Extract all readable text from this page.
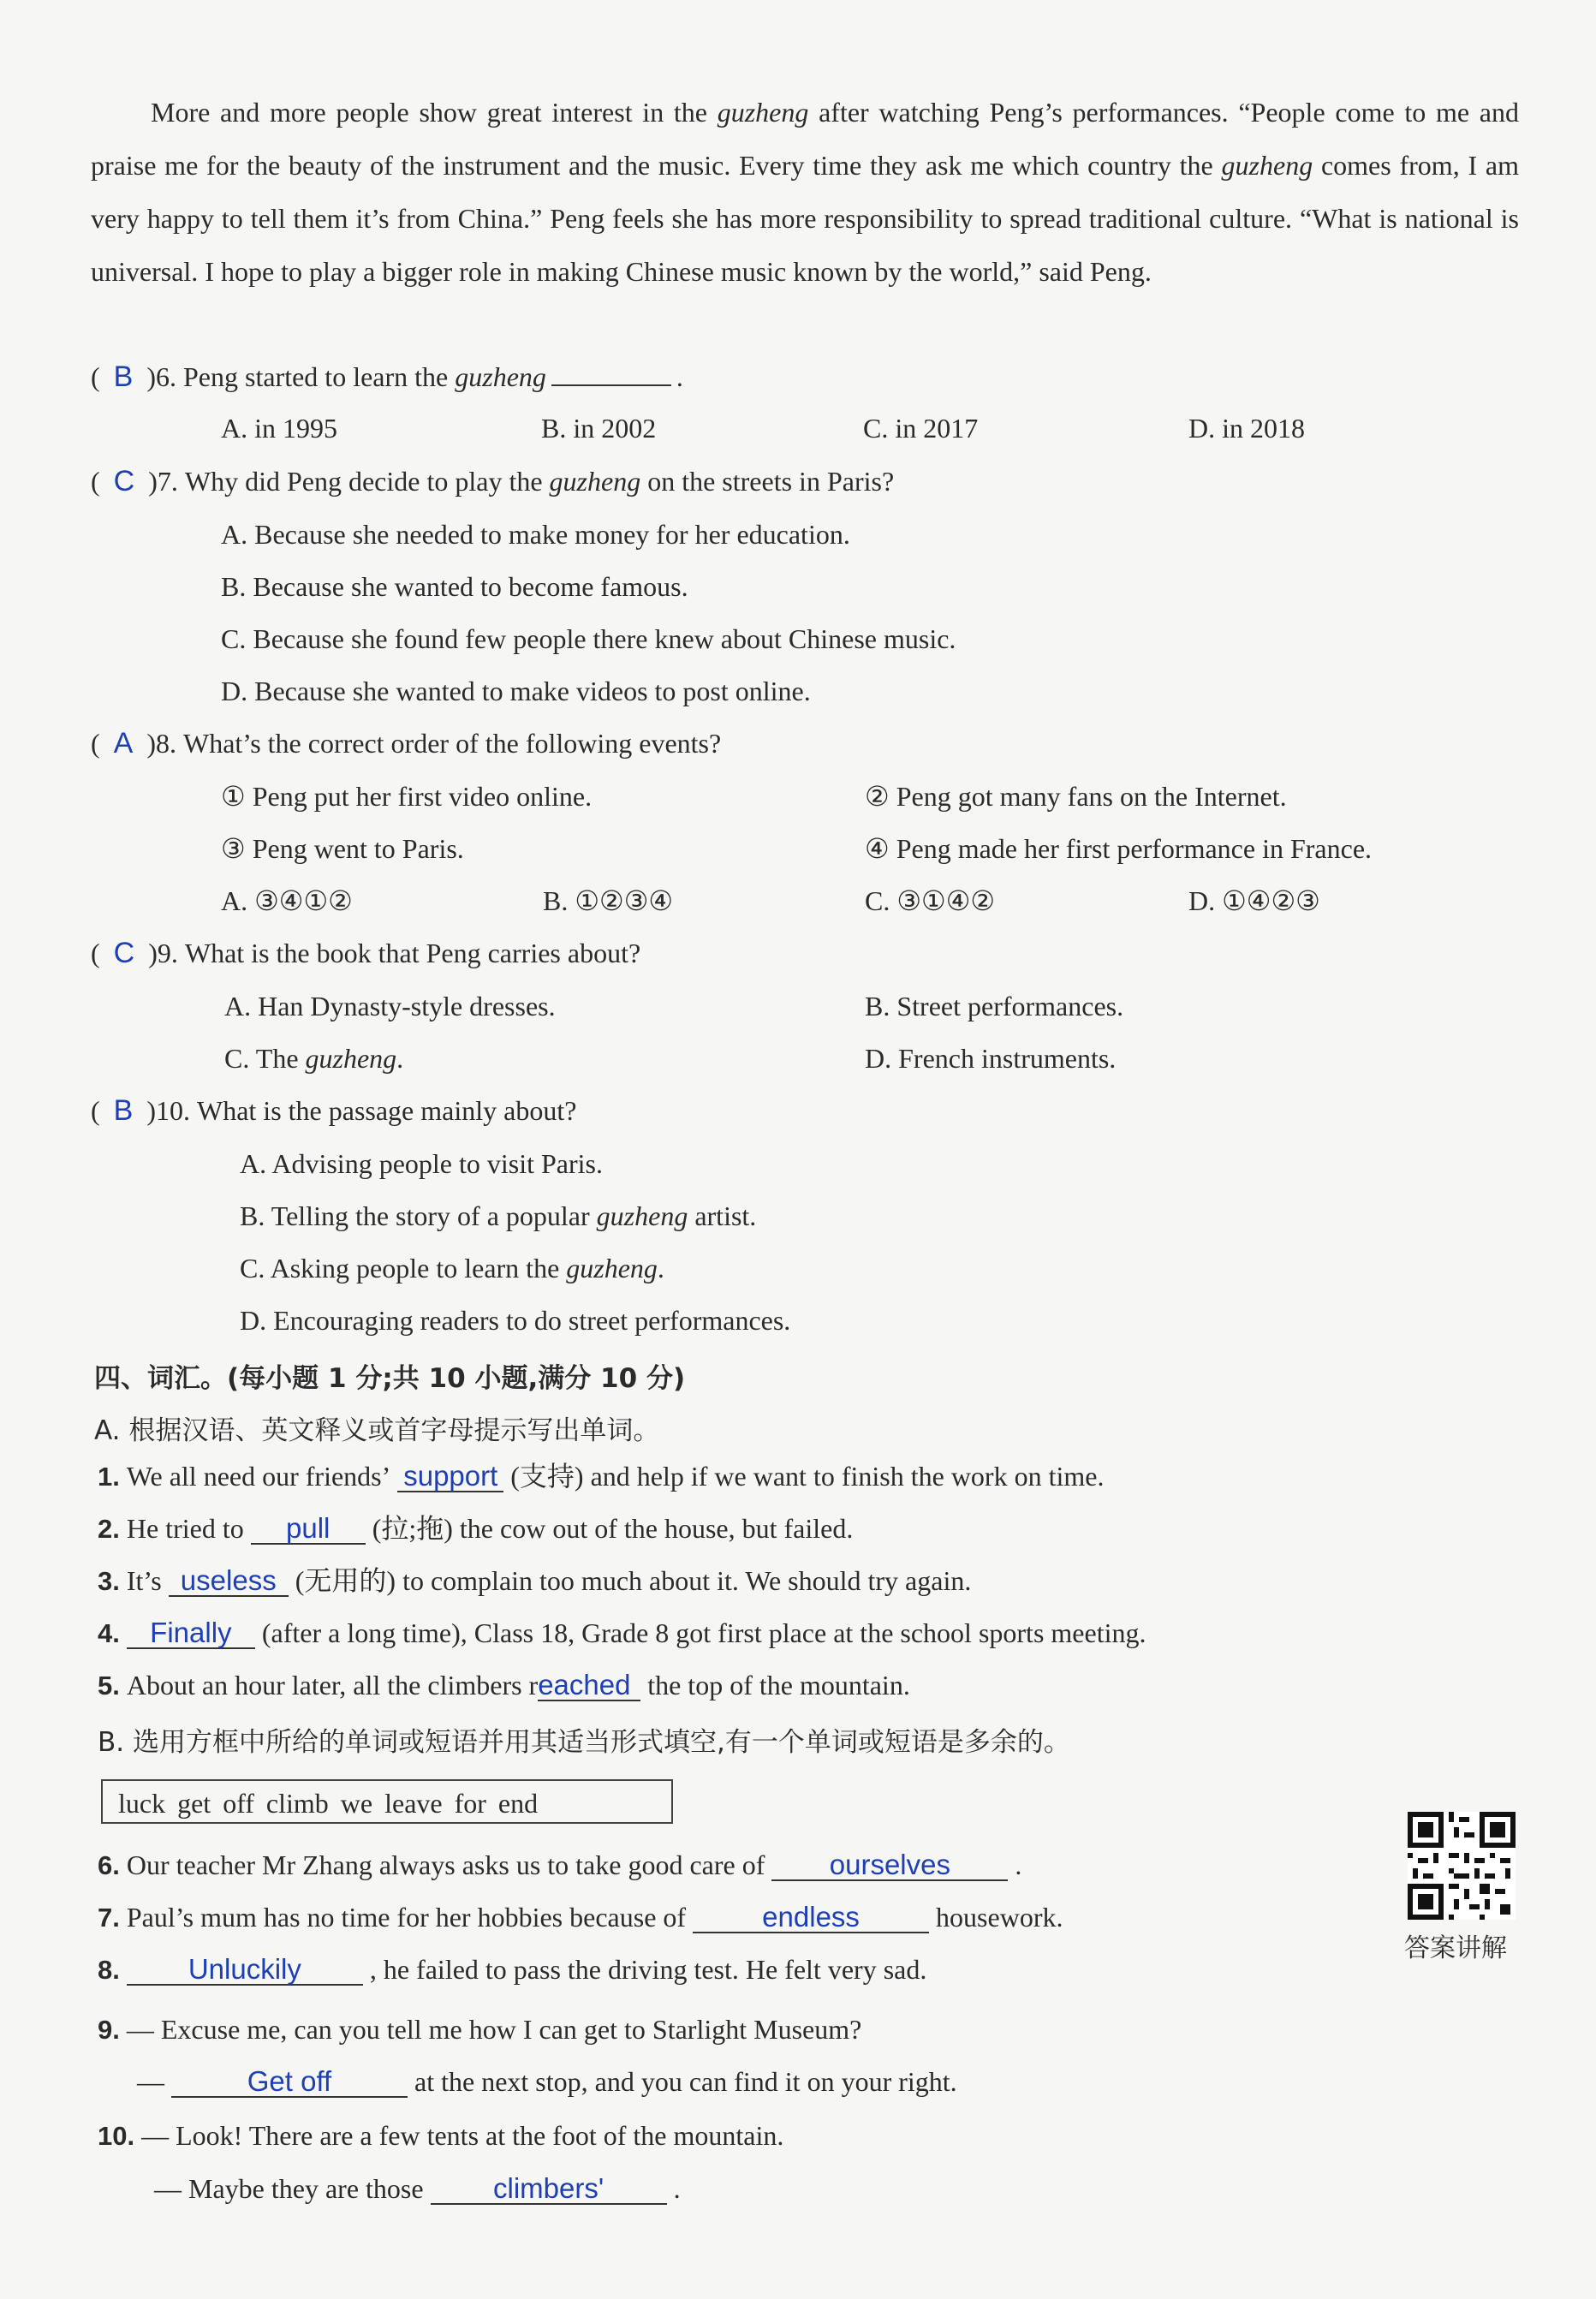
More and more people show great interest in the guzheng after watching Peng’s performances. “People come to me and praise me for the beauty of the instrument and the music. Every time they ask me which country the guzheng comes from, I am very happy to tell them it’s from China.” Peng feels she has more responsibility to spread traditional culture. “What is national is universal. I hope to play a bigger role in making Chinese music known by the world,” said Peng.

(  B  )6. Peng started to learn the guzheng	.
A. in 1995	B. in 2002	C. in 2017	D. in 2018
(  C  )7. Why did Peng decide to play the guzheng on the streets in Paris?
A. Because she needed to make money for her education.
B. Because she wanted to become famous.
C. Because she found few people there knew about Chinese music.
D. Because she wanted to make videos to post online.
(  A  )8. What’s the correct order of the following events?
① Peng put her first video online.	② Peng got many fans on the Internet.
③ Peng went to Paris.	④ Peng made her first performance in France.
A. ③④①②	B. ①②③④	C. ③①④②	D. ①④②③
(  C  )9. What is the book that Peng carries about?
A. Han Dynasty-style dresses.	B. Street performances.
C. The guzheng.	D. French instruments.
(  B  )10. What is the passage mainly about?
A. Advising people to visit Paris.
B. Telling the story of a popular guzheng artist.
C. Asking people to learn the guzheng.
D. Encouraging readers to do street performances.
四、词汇。(每小题 1 分;共 10 小题,满分 10 分)
A. 根据汉语、英文释义或首字母提示写出单词。
1. We all need our friends’ support (支持) and help if we want to finish the work on time.
2. He tried to pull (拉;拖) the cow out of the house, but failed.
3. It’s useless (无用的) to complain too much about it. We should try again.
4. Finally (after a long time), Class 18, Grade 8 got first place at the school sports meeting.
5. About an hour later, all the climbers reached the top of the mountain.
B. 选用方框中所给的单词或短语并用其适当形式填空,有一个单词或短语是多余的。
luck get off climb we leave for end
6. Our teacher Mr Zhang always asks us to take good care of ourselves .
7. Paul’s mum has no time for her hobbies because of	endless	housework.
8. Unluckily , he failed to pass the driving test. He felt very sad.
9. — Excuse me, can you tell me how I can get to Starlight Museum?
—	Get off	at the next stop, and you can find it on your right.
10. — Look! There are a few tents at the foot of the mountain.
— Maybe they are those climbers'	.
答案讲解
